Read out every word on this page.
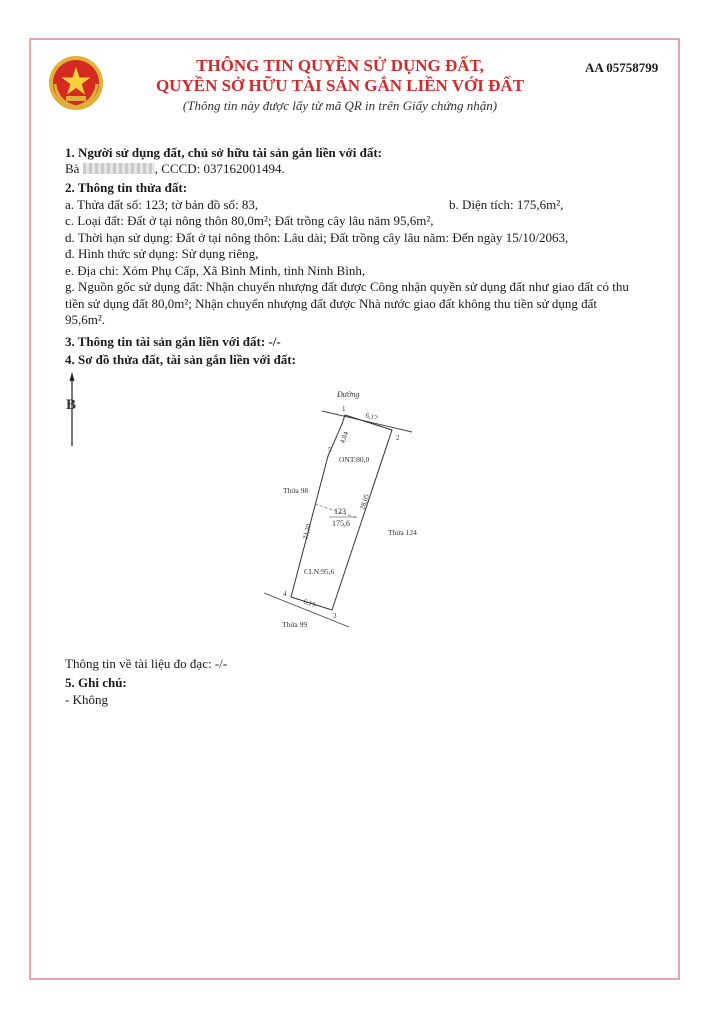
THÔNG TIN QUYỀN SỬ DỤNG ĐẤT,
QUYỀN SỞ HỮU TÀI SẢN GẮN LIỀN VỚI ĐẤT
(Thông tin này được lấy từ mã QR in trên Giấy chứng nhận)
AA 05758799
1. Người sử dụng đất, chủ sở hữu tài sản gắn liền với đất:
Bà	, CCCD: 037162001494.
2. Thông tin thửa đất:
a. Thửa đất số: 123; tờ bản đồ số: 83,	b. Diện tích: 175,6m²,
c. Loại đất: Đất ở tại nông thôn 80,0m²; Đất trồng cây lâu năm 95,6m²,
d. Thời hạn sử dụng: Đất ở tại nông thôn: Lâu dài; Đất trồng cây lâu năm: Đến ngày 15/10/2063,
đ. Hình thức sử dụng: Sử dụng riêng,
e. Địa chỉ: Xóm Phụ Cấp, Xã Bình Minh, tỉnh Ninh Bình,
g. Nguồn gốc sử dụng đất: Nhận chuyển nhượng đất được Công nhận quyền sử dụng đất như giao đất có thu
tiền sử dụng đất 80,0m²; Nhận chuyển nhượng đất được Nhà nước giao đất không thu tiền sử dụng đất
95,6m².
3. Thông tin tài sản gắn liền với đất: -/-
4. Sơ đồ thửa đất, tài sản gắn liền với đất:
B
Đường
1
2
3
4
5
6,17
6,19
4,84
23,20
28,05
ONT:80,0
123
175,6
CLN:95,6
Thửa 98
Thửa 124
Thửa 99
Thông tin về tài liệu đo đạc: -/-
5. Ghi chú:
- Không
